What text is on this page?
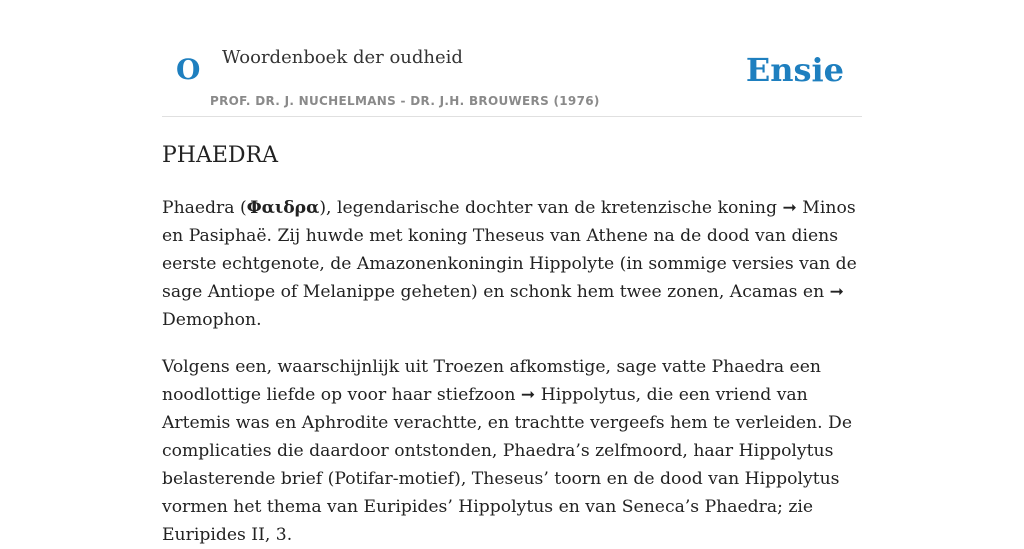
O Woordenboek der oudheid
PROF. DR. J. NUCHELMANS - DR. J.H. BROUWERS (1976)
Ensie
PHAEDRA

Phaedra (Φαιδρα), legendarische dochter van de kretenzische koning ➞ Minos en Pasiphaë. Zij huwde met koning Theseus van Athene na de dood van diens eerste echtgenote, de Amazonenkoningin Hippolyte (in sommige versies van de sage Antiope of Melanippe geheten) en schonk hem twee zonen, Acamas en ➞ Demophon.

Volgens een, waarschijnlijk uit Troezen afkomstige, sage vatte Phaedra een noodlottige liefde op voor haar stiefzoon ➞ Hippolytus, die een vriend van Artemis was en Aphrodite verachtte, en trachtte vergeefs hem te verleiden. De complicaties die daardoor ontstonden, Phaedra’s zelfmoord, haar Hippolytus belasterende brief (Potifar-motief), Theseus’ toorn en de dood van Hippolytus vormen het thema van Euripides’ Hippolytus en van Seneca’s Phaedra; zie Euripides II, 3.
